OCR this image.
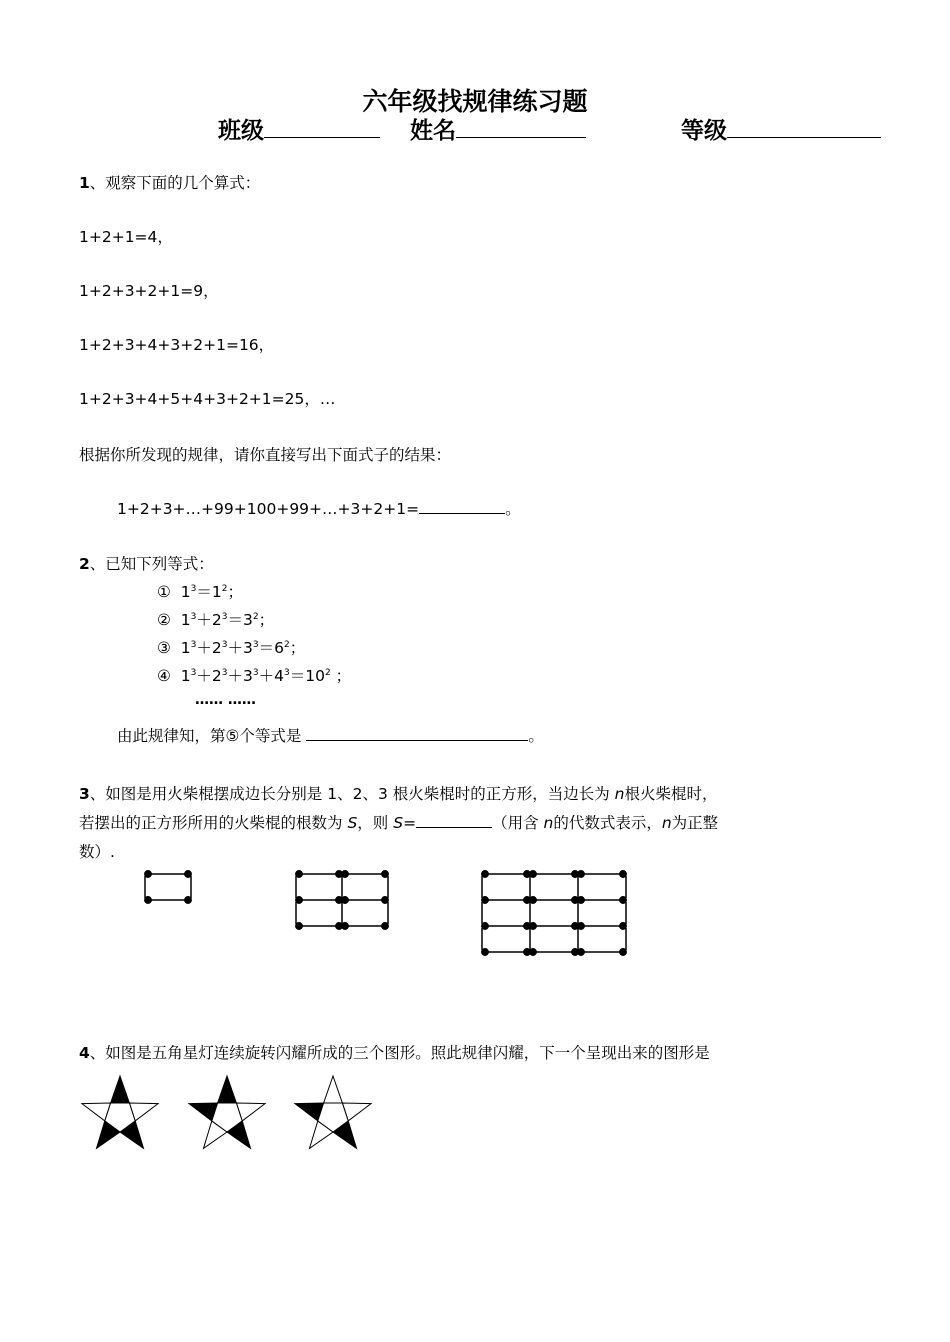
六年级找规律练习题
班级	姓名	等级
1、观察下面的几个算式：
1+2+1=4，
1+2+3+2+1=9，
1+2+3+4+3+2+1=16，
1+2+3+4+5+4+3+2+1=25，…
根据你所发现的规律，请你直接写出下面式子的结果：
1+2+3+…+99+100+99+…+3+2+1=	。
2、已知下列等式：
① $1^3=1^2$；
② $1^3+2^3=3^2$；
③ $1^3+2^3+3^3=6^2$；
④ $1^3+2^3+3^3+4^3=10^2$ ；
…… ……
由此规律知，第⑤个等式是	。
3、如图是用火柴棍摆成边长分别是 1、2、3 根火柴棍时的正方形，当边长为 n根火柴棍时，
若摆出的正方形所用的火柴棍的根数为 S，则 S=	（用含 n的代数式表示，n为正整
数）.
4、如图是五角星灯连续旋转闪耀所成的三个图形。照此规律闪耀，下一个呈现出来的图形是
